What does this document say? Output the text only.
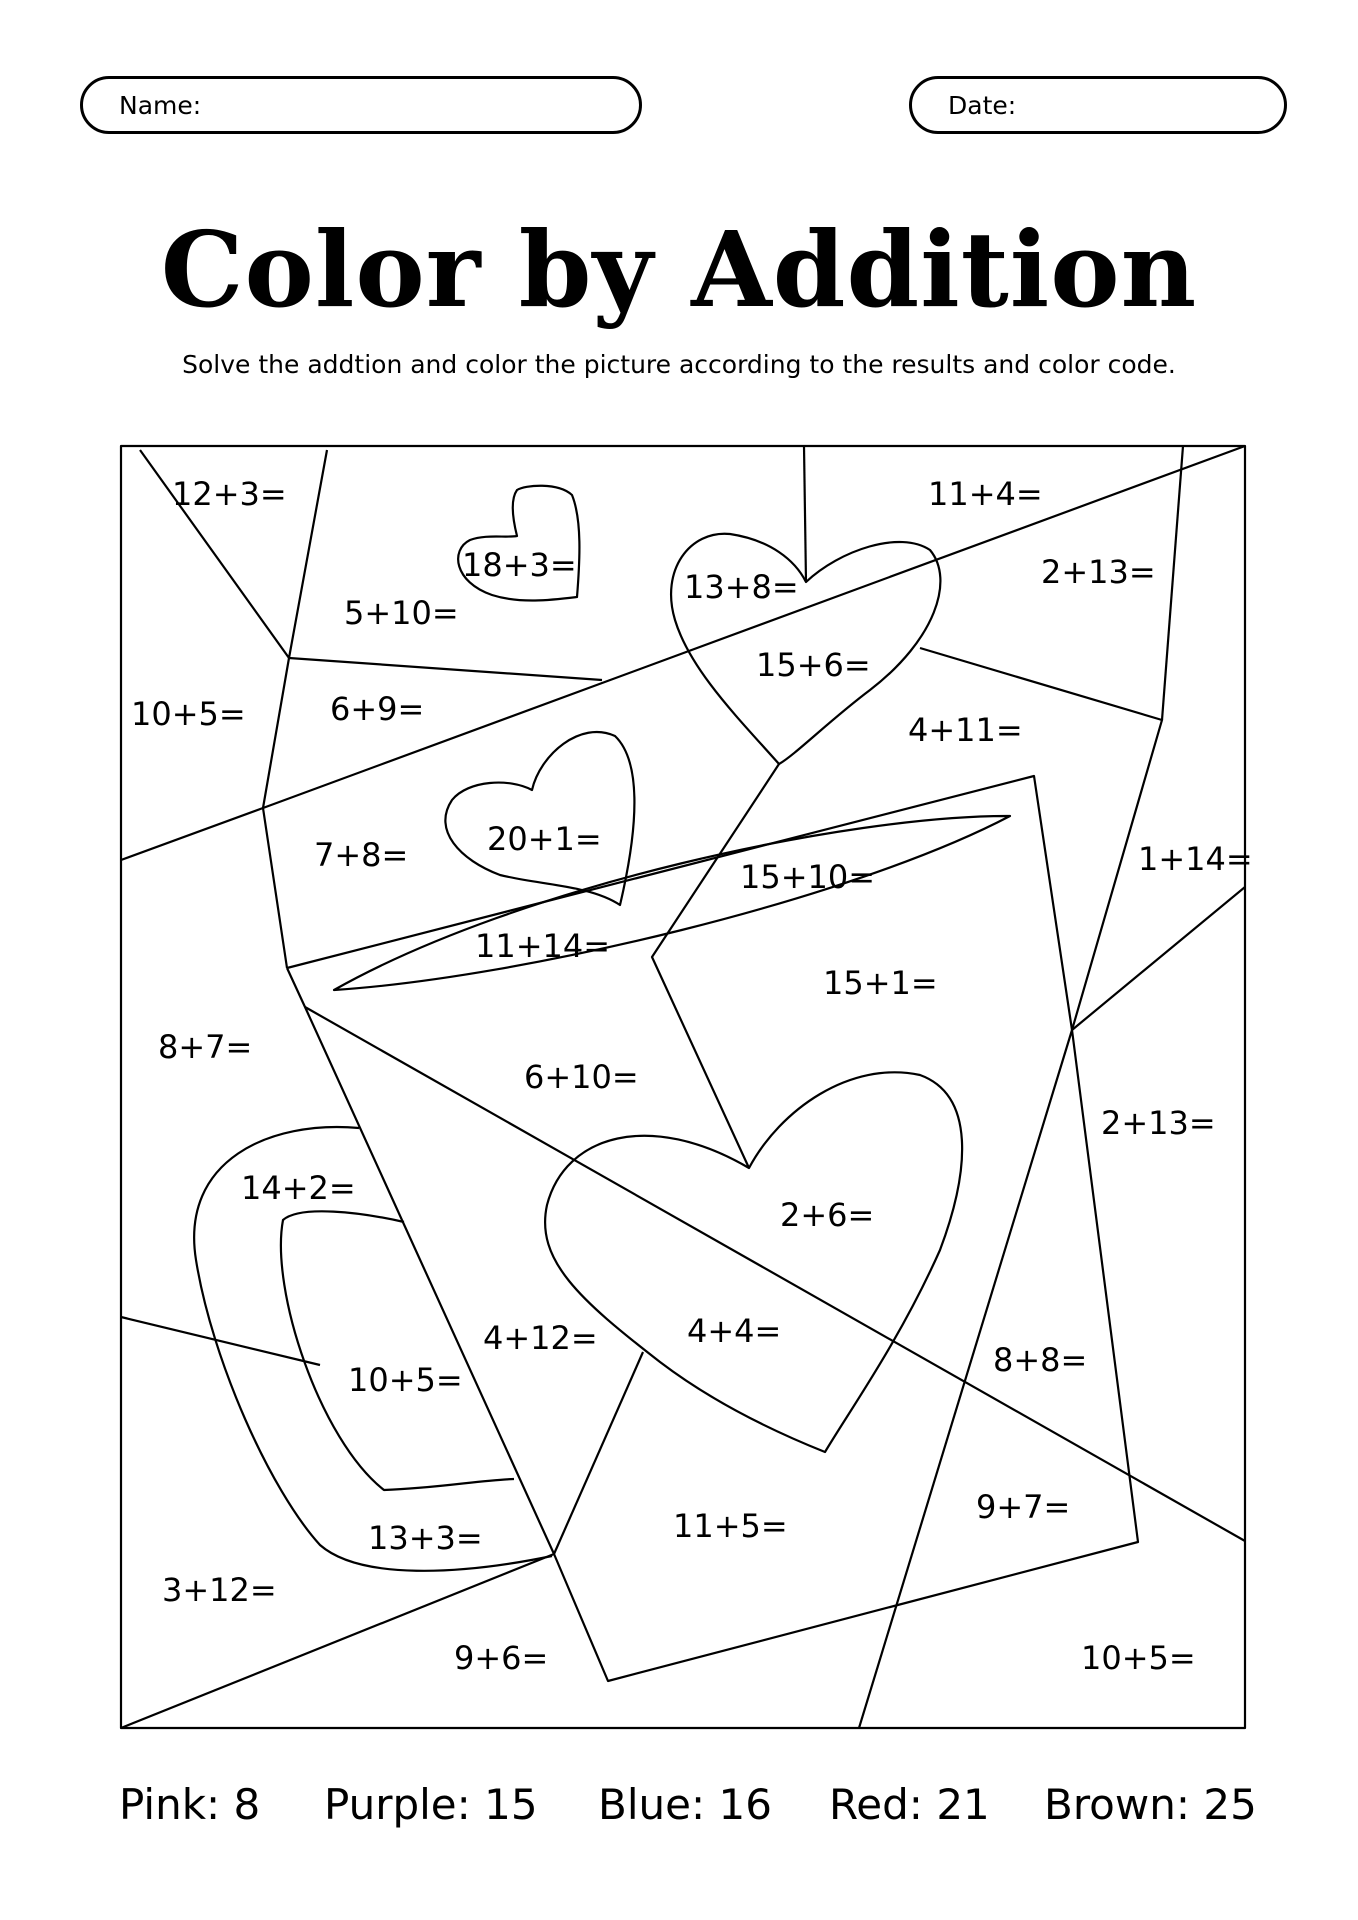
Name:	Date:
Color by Addition

Solve the addtion and color the picture according to the results and color code.

12+3=	11+4=
18+3=
13+8=	2+13=
5+10=
15+6=
10+5=	6+9=
4+11=
20+1=
7+8=
15+10=	1+14=
11+14=
15+1=
8+7=
6+10=
2+13=
14+2=
2+6=
4+12=	4+4=
8+8=
10+5=
9+7=
13+3=	11+5=
3+12=
9+6=	10+5=
Pink: 8 Purple: 15 Blue: 16 Red: 21 Brown: 25
